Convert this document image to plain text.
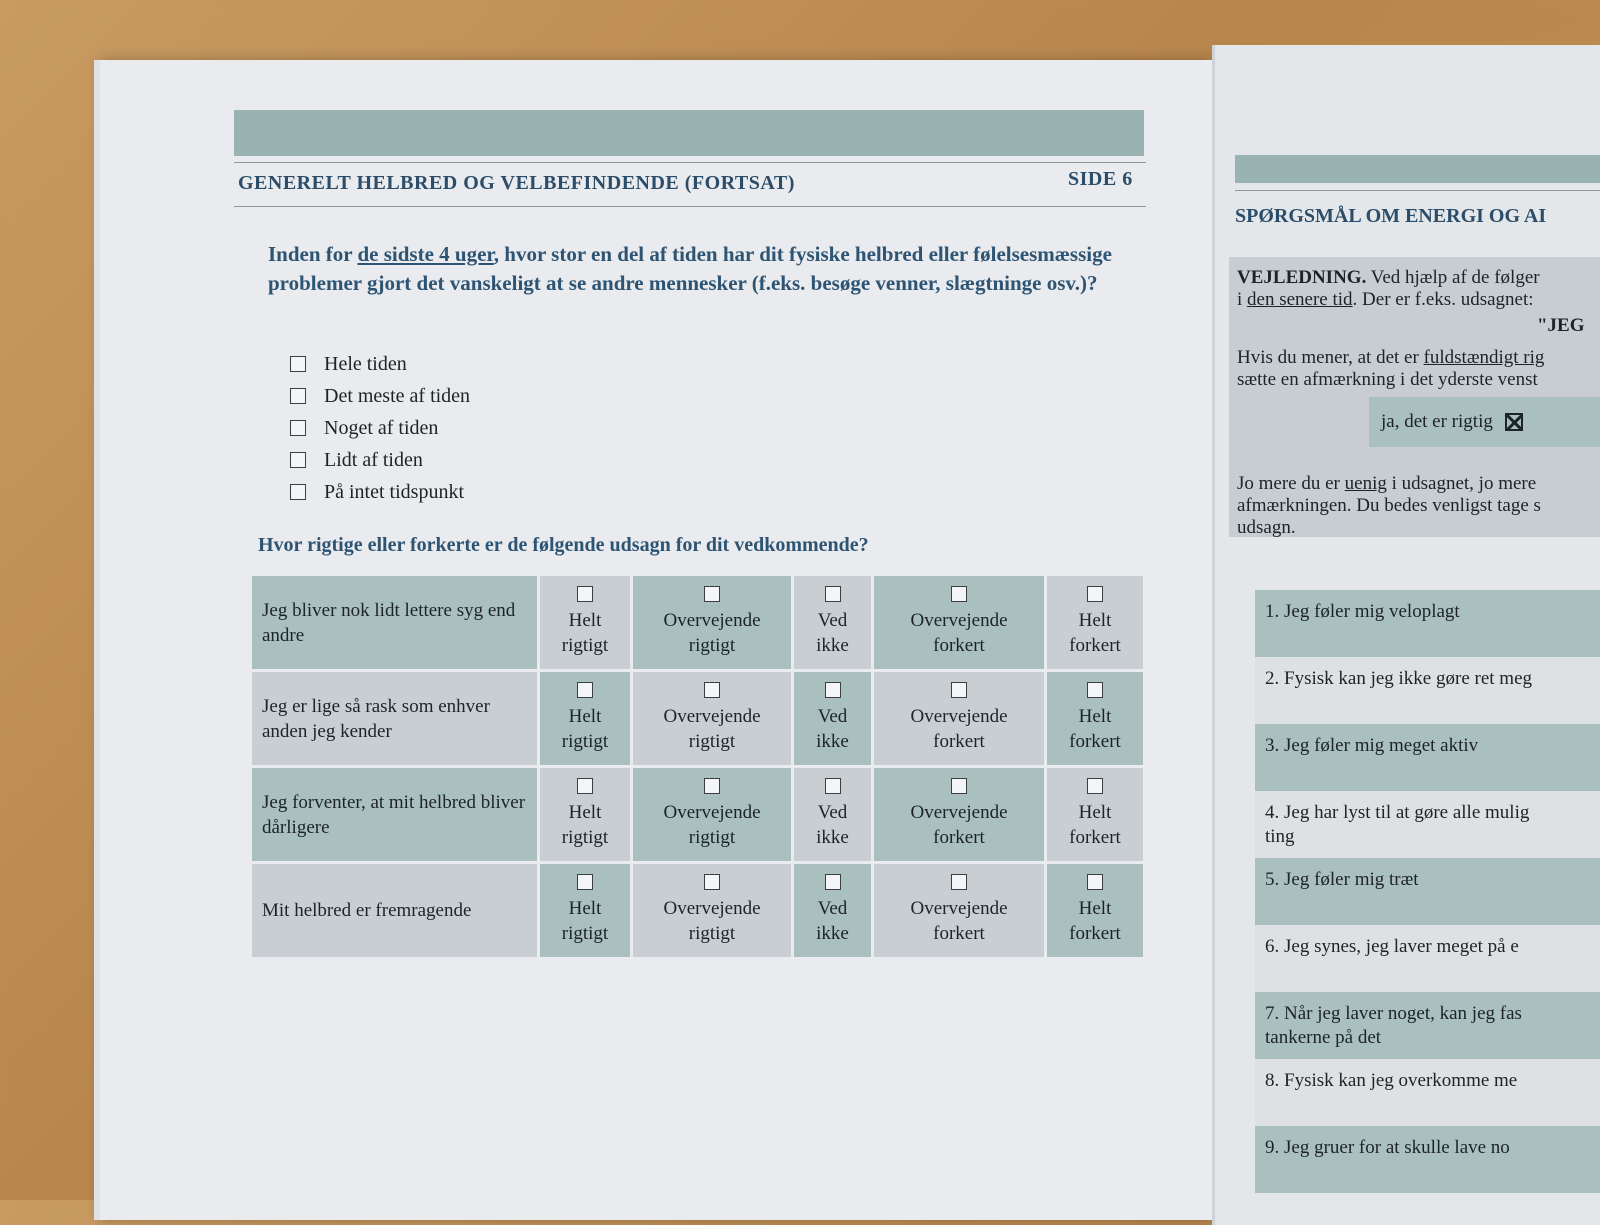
GENERELT HELBRED OG VELBEFINDENDE (FORTSAT)	SIDE 6
Inden for de sidste 4 uger, hvor stor en del af tiden har dit fysiske helbred eller følelsesmæssige problemer gjort det vanskeligt at se andre mennesker (f.eks. besøge venner, slægtninge osv.)?
Hele tiden
Det meste af tiden
Noget af tiden
Lidt af tiden
På intet tidspunkt
Hvor rigtige eller forkerte er de følgende udsagn for dit vedkommende?
Jeg bliver nok lidt lettere syg end andre
Helt
rigtigt
Overvejende
rigtigt
Ved
ikke
Overvejende
forkert
Helt
forkert
Jeg er lige så rask som enhver anden jeg kender
Helt
rigtigt
Overvejende
rigtigt
Ved
ikke
Overvejende
forkert
Helt
forkert
Jeg forventer, at mit helbred bliver dårligere
Helt
rigtigt
Overvejende
rigtigt
Ved
ikke
Overvejende
forkert
Helt
forkert
Mit helbred er fremragende	Helt
rigtigt
Overvejende
rigtigt
Ved
ikke
Overvejende
forkert
Helt
forkert
SPØRGSMÅL OM ENERGI OG AI

VEJLEDNING. Ved hjælp af de følger

i den senere tid. Der er f.eks. udsagnet:

"JEG

Hvis du mener, at det er fuldstændigt rig

sætte en afmærkning i det yderste venst

ja, det er rigtig

Jo mere du er uenig i udsagnet, jo mere

afmærkningen. Du bedes venligst tage s

udsagn.

1. Jeg føler mig veloplagt
2. Fysisk kan jeg ikke gøre ret meg
3. Jeg føler mig meget aktiv
4. Jeg har lyst til at gøre alle mulig
ting
5. Jeg føler mig træt
6. Jeg synes, jeg laver meget på e
7. Når jeg laver noget, kan jeg fas
tankerne på det
8. Fysisk kan jeg overkomme me
9. Jeg gruer for at skulle lave no
